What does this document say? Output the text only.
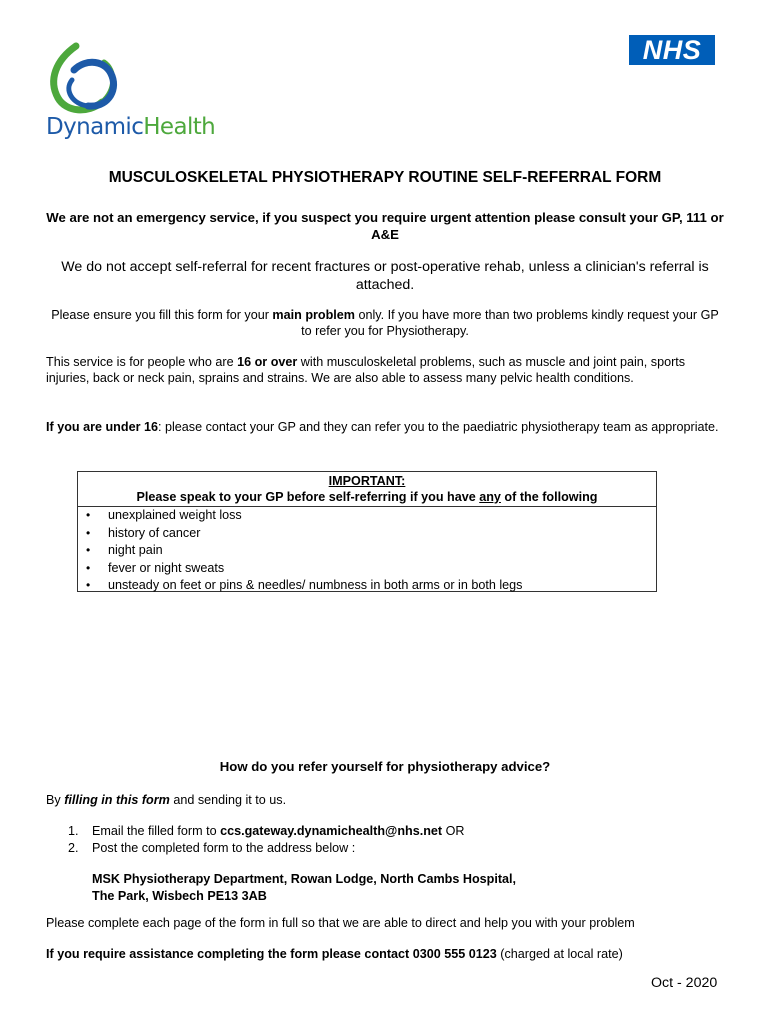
DynamicHealth
NHS

MUSCULOSKELETAL PHYSIOTHERAPY ROUTINE SELF-REFERRAL FORM

We are not an emergency service, if you suspect you require urgent attention please consult your GP, 111 or A&E

We do not accept self-referral for recent fractures or post-operative rehab, unless a clinician's referral is attached.

Please ensure you fill this form for your main problem only. If you have more than two problems kindly request your GP to refer you for Physiotherapy.

This service is for people who are 16 or over with musculoskeletal problems, such as muscle and joint pain, sports injuries, back or neck pain, sprains and strains. We are also able to assess many pelvic health conditions.

If you are under 16: please contact your GP and they can refer you to the paediatric physiotherapy team as appropriate.

IMPORTANT:
Please speak to your GP before self-referring if you have any of the following
• unexplained weight loss
• history of cancer
• night pain
• fever or night sweats
• unsteady on feet or pins & needles/ numbness in both arms or in both legs

How do you refer yourself for physiotherapy advice?

By filling in this form and sending it to us.

1. Email the filled form to ccs.gateway.dynamichealth@nhs.net OR
2. Post the completed form to the address below :
MSK Physiotherapy Department, Rowan Lodge, North Cambs Hospital,
The Park, Wisbech PE13 3AB

Please complete each page of the form in full so that we are able to direct and help you with your problem

If you require assistance completing the form please contact 0300 555 0123 (charged at local rate)

Oct - 2020
